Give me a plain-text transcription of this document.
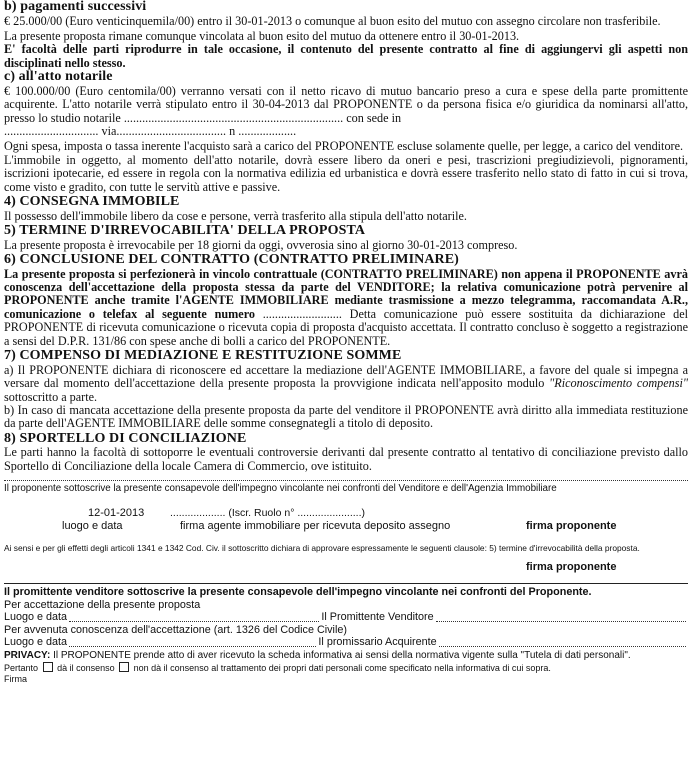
b) pagamenti successivi

€ 25.000/00 (Euro venticinquemila/00) entro il 30-01-2013 o comunque al buon esito del mutuo con assegno circolare non trasferibile.

La presente proposta rimane comunque vincolata al buon esito del mutuo da ottenere entro il 30-01-2013.

E' facoltà delle parti riprodurre in tale occasione, il contenuto del presente contratto al fine di aggiungervi gli aspetti non disciplinati nello stesso.

c) all'atto notarile

€ 100.000/00 (Euro centomila/00) verranno versati con il netto ricavo di mutuo bancario preso a cura e spese della parte promittente acquirente. L'atto notarile verrà stipulato entro il 30-04-2013 dal PROPONENTE o da persona fisica e/o giuridica da nominarsi all'atto, presso lo studio notarile ........................................................................ con sede in

............................... via.................................... n ...................

Ogni spesa, imposta o tassa inerente l'acquisto sarà a carico del PROPONENTE escluse solamente quelle, per legge, a carico del venditore.

L'immobile in oggetto, al momento dell'atto notarile, dovrà essere libero da oneri e pesi, trascrizioni pregiudizievoli, pignoramenti, iscrizioni ipotecarie, ed essere in regola con la normativa edilizia ed urbanistica e dovrà essere trasferito nello stato di fatto in cui si trova, come visto e gradito, con tutte le servitù attive e passive.

4) CONSEGNA IMMOBILE

Il possesso dell'immobile libero da cose e persone, verrà trasferito alla stipula dell'atto notarile.

5) TERMINE D'IRREVOCABILITA' DELLA PROPOSTA

La presente proposta è irrevocabile per 18 giorni da oggi, ovverosia sino al giorno 30-01-2013 compreso.

6) CONCLUSIONE DEL CONTRATTO (CONTRATTO PRELIMINARE)

La presente proposta si perfezionerà in vincolo contrattuale (CONTRATTO PRELIMINARE) non appena il PROPONENTE avrà conoscenza dell'accettazione della proposta stessa da parte del VENDITORE; la relativa comunicazione potrà pervenire al PROPONENTE anche tramite l'AGENTE IMMOBILIARE mediante trasmissione a mezzo telegramma, raccomandata A.R., comunicazione o telefax al seguente numero .......................... Detta comunicazione può essere sostituita da dichiarazione del PROPONENTE di ricevuta comunicazione o ricevuta copia di proposta d'acquisto accettata. Il contratto concluso è soggetto a registrazione a sensi del D.P.R. 131/86 con spese anche di bolli a carico del PROPONENTE.

7) COMPENSO DI MEDIAZIONE E RESTITUZIONE SOMME

a) Il PROPONENTE dichiara di riconoscere ed accettare la mediazione dell'AGENTE IMMOBILIARE, a favore del quale si impegna a versare dal momento dell'accettazione della presente proposta la provvigione indicata nell'apposito modulo "Riconoscimento compensi" sottoscritto a parte.

b) In caso di mancata accettazione della presente proposta da parte del venditore il PROPONENTE avrà diritto alla immediata restituzione da parte dell'AGENTE IMMOBILIARE delle somme consegnategli a titolo di deposito.

8) SPORTELLO DI CONCILIAZIONE

Le parti hanno la facoltà di sottoporre le eventuali controversie derivanti dal presente contratto al tentativo di conciliazione previsto dallo Sportello di Conciliazione della locale Camera di Commercio, ove istituito.

Il proponente sottoscrive la presente consapevole dell'impegno vincolante nei confronti del Venditore e dell'Agenzia Immobiliare
12-01-2013 ................... (Iscr. Ruolo n° ......................)
luogo e data	firma agente immobiliare per ricevuta deposito assegno	firma proponente
Ai sensi e per gli effetti degli articoli 1341 e 1342 Cod. Civ. il sottoscritto dichiara di approvare espressamente le seguenti clausole: 5) termine d'irrevocabilità della proposta.
firma proponente
Il promittente venditore sottoscrive la presente consapevole dell'impegno vincolante nei confronti del Proponente.
Per accettazione della presente proposta
Luogo e data	Il Promittente Venditore
Per avvenuta conoscenza dell'accettazione (art. 1326 del Codice Civile)
Luogo e data	Il promissario Acquirente
PRIVACY: Il PROPONENTE prende atto di aver ricevuto la scheda informativa ai sensi della normativa vigente sulla "Tutela di dati personali".
Pertanto dà il consenso non dà il consenso al trattamento dei propri dati personali come specificato nella informativa di cui sopra.
Firma
